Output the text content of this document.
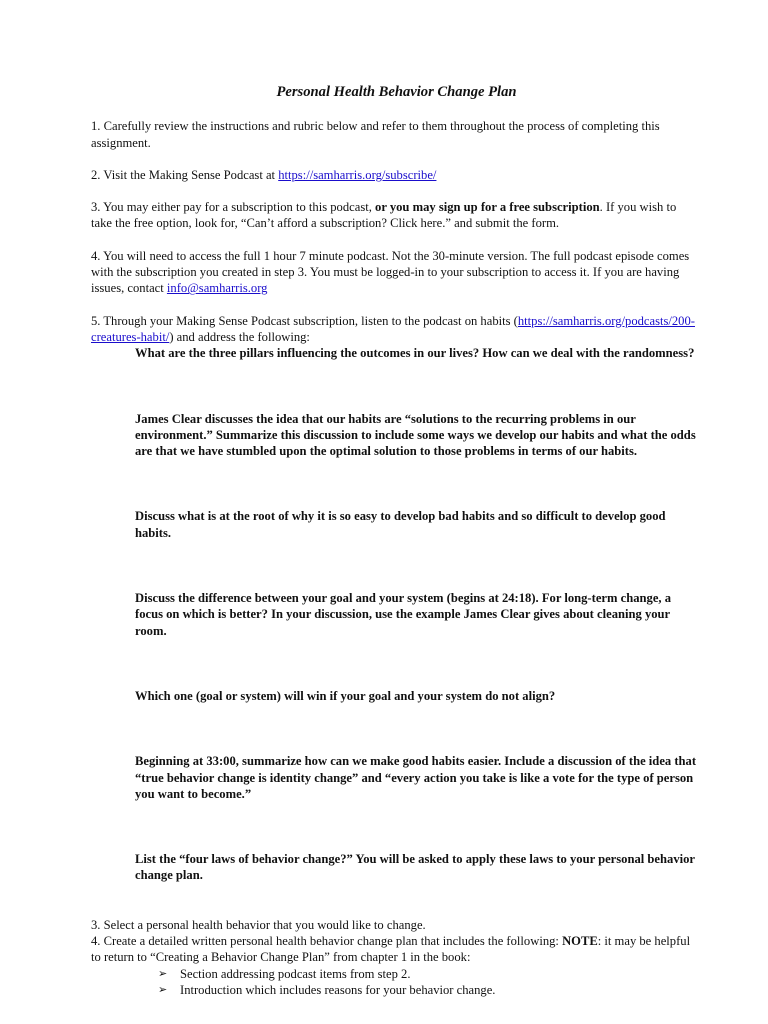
Personal Health Behavior Change Plan

1. Carefully review the instructions and rubric below and refer to them throughout the process of completing this assignment.

2. Visit the Making Sense Podcast at https://samharris.org/subscribe/

3. You may either pay for a subscription to this podcast, or you may sign up for a free subscription. If you wish to take the free option, look for, “Can’t afford a subscription? Click here.” and submit the form.

4. You will need to access the full 1 hour 7 minute podcast. Not the 30-minute version. The full podcast episode comes with the subscription you created in step 3. You must be logged-in to your subscription to access it. If you are having issues, contact info@samharris.org

5. Through your Making Sense Podcast subscription, listen to the podcast on habits (https://samharris.org/podcasts/200-creatures-habit/) and address the following:

What are the three pillars influencing the outcomes in our lives? How can we deal with the randomness?
James Clear discusses the idea that our habits are “solutions to the recurring problems in our environment.” Summarize this discussion to include some ways we develop our habits and what the odds are that we have stumbled upon the optimal solution to those problems in terms of our habits.
Discuss what is at the root of why it is so easy to develop bad habits and so difficult to develop good habits.
Discuss the difference between your goal and your system (begins at 24:18). For long-term change, a focus on which is better? In your discussion, use the example James Clear gives about cleaning your room.
Which one (goal or system) will win if your goal and your system do not align?
Beginning at 33:00, summarize how can we make good habits easier. Include a discussion of the idea that “true behavior change is identity change” and “every action you take is like a vote for the type of person you want to become.”
List the “four laws of behavior change?” You will be asked to apply these laws to your personal behavior change plan.

3. Select a personal health behavior that you would like to change.

4. Create a detailed written personal health behavior change plan that includes the following: NOTE: it may be helpful to return to “Creating a Behavior Change Plan” from chapter 1 in the book:

➢ Section addressing podcast items from step 2.
➢ Introduction which includes reasons for your behavior change.
